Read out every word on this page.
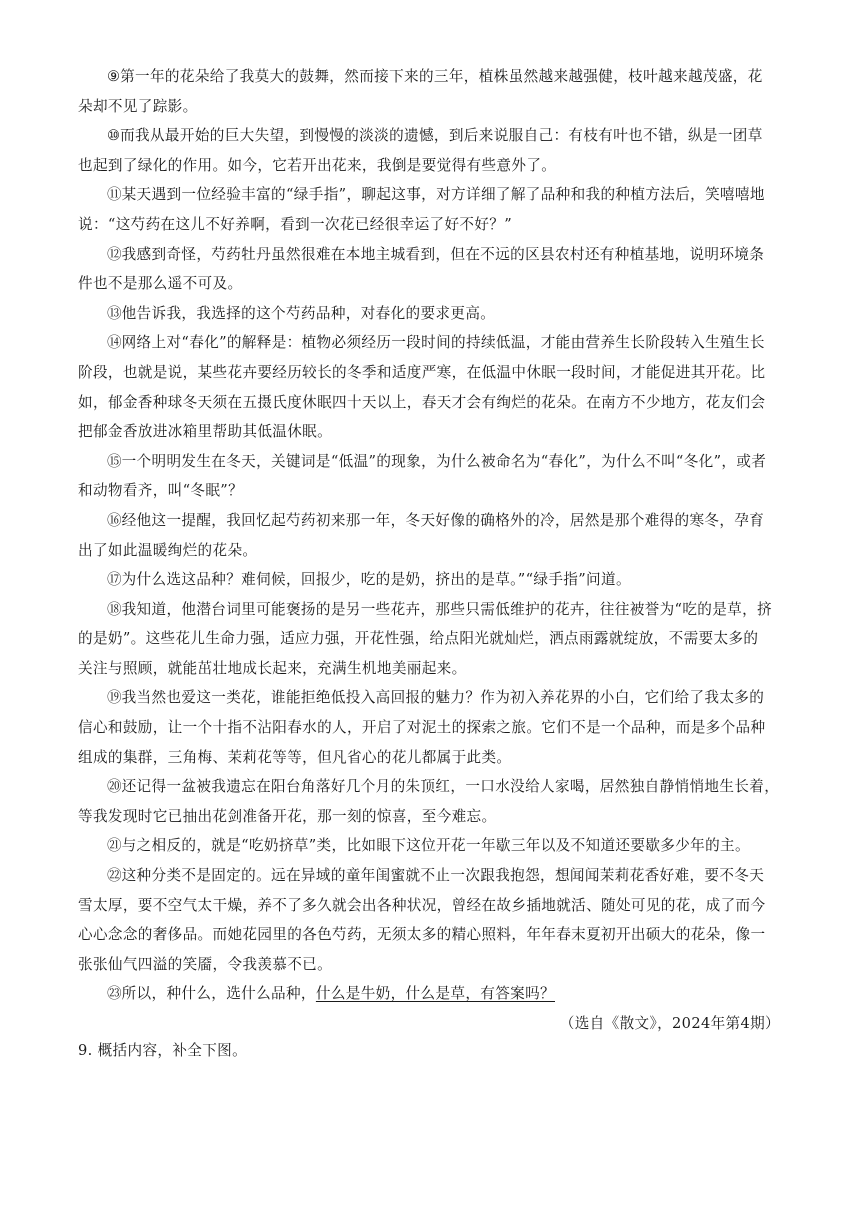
⑨第一年的花朵给了我莫大的鼓舞，然而接下来的三年，植株虽然越来越强健，枝叶越来越茂盛，花
朵却不见了踪影。

⑩而我从最开始的巨大失望，到慢慢的淡淡的遗憾，到后来说服自己：有枝有叶也不错，纵是一团草
也起到了绿化的作用。如今，它若开出花来，我倒是要觉得有些意外了。

⑪某天遇到一位经验丰富的“绿手指”，聊起这事，对方详细了解了品种和我的种植方法后，笑嘻嘻地
说：“这芍药在这儿不好养啊，看到一次花已经很幸运了好不好？”

⑫我感到奇怪，芍药牡丹虽然很难在本地主城看到，但在不远的区县农村还有种植基地，说明环境条
件也不是那么遥不可及。

⑬他告诉我，我选择的这个芍药品种，对春化的要求更高。

⑭网络上对“春化”的解释是：植物必须经历一段时间的持续低温，才能由营养生长阶段转入生殖生长
阶段，也就是说，某些花卉要经历较长的冬季和适度严寒，在低温中休眠一段时间，才能促进其开花。比
如，郁金香种球冬天须在五摄氏度休眠四十天以上，春天才会有绚烂的花朵。在南方不少地方，花友们会
把郁金香放进冰箱里帮助其低温休眠。

⑮一个明明发生在冬天，关键词是“低温”的现象，为什么被命名为“春化”，为什么不叫“冬化”，或者
和动物看齐，叫“冬眠”？

⑯经他这一提醒，我回忆起芍药初来那一年，冬天好像的确格外的冷，居然是那个难得的寒冬，孕育
出了如此温暖绚烂的花朵。

⑰为什么选这品种？难伺候，回报少，吃的是奶，挤出的是草。”“绿手指”问道。

⑱我知道，他潜台词里可能褒扬的是另一些花卉，那些只需低维护的花卉，往往被誉为“吃的是草，挤
的是奶”。这些花儿生命力强，适应力强，开花性强，给点阳光就灿烂，洒点雨露就绽放，不需要太多的
关注与照顾，就能茁壮地成长起来，充满生机地美丽起来。

⑲我当然也爱这一类花，谁能拒绝低投入高回报的魅力？作为初入养花界的小白，它们给了我太多的
信心和鼓励，让一个十指不沾阳春水的人，开启了对泥土的探索之旅。它们不是一个品种，而是多个品种
组成的集群，三角梅、茉莉花等等，但凡省心的花儿都属于此类。

⑳还记得一盆被我遗忘在阳台角落好几个月的朱顶红，一口水没给人家喝，居然独自静悄悄地生长着，
等我发现时它已抽出花剑准备开花，那一刻的惊喜，至今难忘。

㉑与之相反的，就是“吃奶挤草”类，比如眼下这位开花一年歇三年以及不知道还要歇多少年的主。

㉒这种分类不是固定的。远在异域的童年闺蜜就不止一次跟我抱怨，想闻闻茉莉花香好难，要不冬天
雪太厚，要不空气太干燥，养不了多久就会出各种状况，曾经在故乡插地就活、随处可见的花，成了而今
心心念念的奢侈品。而她花园里的各色芍药，无须太多的精心照料，年年春末夏初开出硕大的花朵，像一
张张仙气四溢的笑靥，令我羡慕不已。

㉓所以，种什么，选什么品种，什么是牛奶，什么是草，有答案吗？

（选自《散文》，2024年第4期）

9. 概括内容，补全下图。
